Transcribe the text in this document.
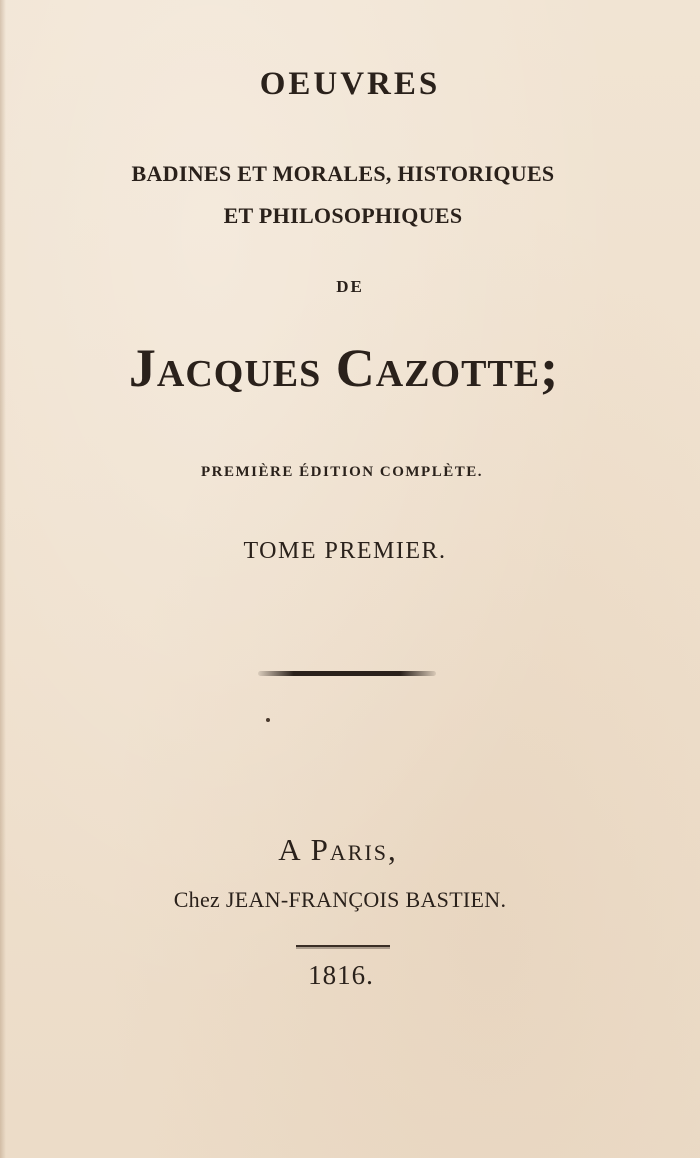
OEUVRES
BADINES ET MORALES, HISTORIQUES
ET PHILOSOPHIQUES
DE
Jacques Cazotte;
PREMIÈRE ÉDITION COMPLÈTE.
TOME PREMIER.
A Paris,
Chez JEAN-FRANÇOIS BASTIEN.
1816.
